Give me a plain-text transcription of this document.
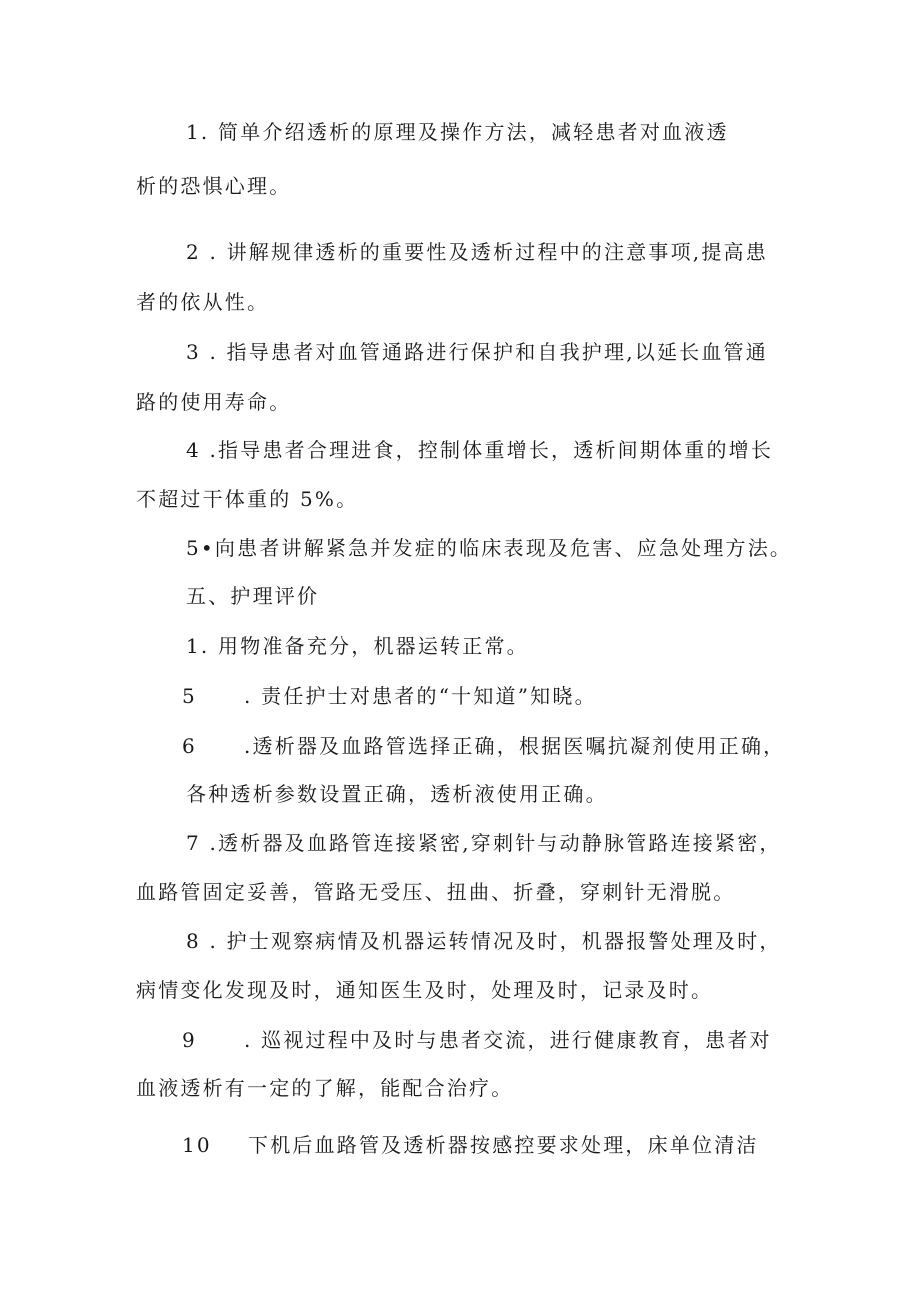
1. 简单介绍透析的原理及操作方法，减轻患者对血液透
析的恐惧心理。
2 . 讲解规律透析的重要性及透析过程中的注意事项,提高患
者的依从性。
3 . 指导患者对血管通路进行保护和自我护理,以延长血管通
路的使用寿命。
4 .指导患者合理进食，控制体重增长，透析间期体重的增长
不超过干体重的 5%。
5•向患者讲解紧急并发症的临床表现及危害、应急处理方法。
五、护理评价
1. 用物准备充分，机器运转正常。
5 . 责任护士对患者的“十知道”知晓。
6 .透析器及血路管选择正确，根据医嘱抗凝剂使用正确，
各种透析参数设置正确，透析液使用正确。
7 .透析器及血路管连接紧密,穿刺针与动静脉管路连接紧密，
血路管固定妥善，管路无受压、扭曲、折叠，穿刺针无滑脱。
8 . 护士观察病情及机器运转情况及时，机器报警处理及时，
病情变化发现及时，通知医生及时，处理及时，记录及时。
9 . 巡视过程中及时与患者交流，进行健康教育，患者对
血液透析有一定的了解，能配合治疗。
10 下机后血路管及透析器按感控要求处理，床单位清洁
